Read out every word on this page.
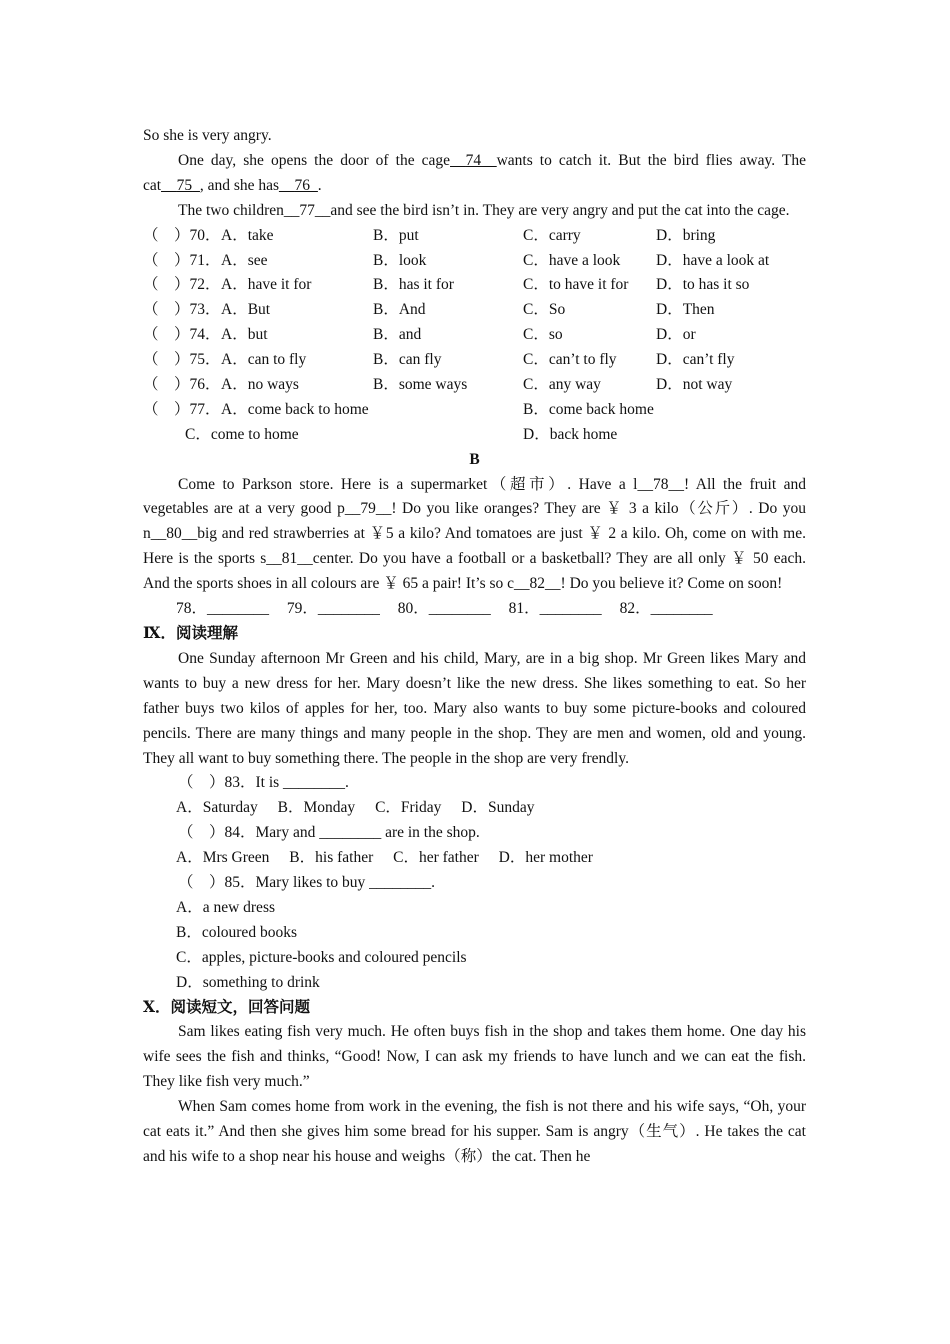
So she is very angry.

One day, she opens the door of the cage__74__wants to catch it. But the bird flies away. The cat__75_, and she has__76_.

The two children__77__and see the bird isn’t in. They are very angry and put the cat into the cage.

（　）70． A．take	B．put	C．carry	D．bring
（　）71． A．see	B．look	C．have a look D．have a look at
（　）72． A．have it for	B．has it for	C．to have it for D．to has it so
（　）73． A．But	B．And	C．So	D．Then
（　）74． A．but	B．and	C．so	D．or
（　）75． A．can to fly	B．can fly	C．can’t to fly	D．can’t fly
（　）76． A．no ways	B．some ways	C．any way	D．not way
（　）77． A．come back to home	B．come back home
C．come to home	D．back home

B

Come to Parkson store. Here is a supermarket（超市）. Have a l__78__! All the fruit and vegetables are at a very good p__79__! Do you like oranges? They are ￥ 3 a kilo（公斤）. Do you n__80__big and red strawberries at ￥5 a kilo? And tomatoes are just ￥ 2 a kilo. Oh, come on with me. Here is the sports s__81__center. Do you have a football or a basketball? They are all only ￥ 50 each. And the sports shoes in all colours are ￥ 65 a pair! It’s so c__82__! Do you believe it? Come on soon!

78．________ 79．________ 80．________ 81．________ 82．________

Ⅸ．阅读理解

One Sunday afternoon Mr Green and his child, Mary, are in a big shop. Mr Green likes Mary and wants to buy a new dress for her. Mary doesn’t like the new dress. She likes something to eat. So her father buys two kilos of apples for her, too. Mary also wants to buy some picture-books and coloured pencils. There are many things and many people in the shop. They are men and women, old and young. They all want to buy something there. The people in the shop are very frendly.

（　）83．It is ________.

A．Saturday B．Monday C．Friday D．Sunday

（　）84．Mary and ________ are in the shop.

A．Mrs Green B．his father C．her father D．her mother

（　）85．Mary likes to buy ________.

A．a new dress
B．coloured books
C．apples, picture-books and coloured pencils
D．something to drink

Ⅹ．阅读短文，回答问题

Sam likes eating fish very much. He often buys fish in the shop and takes them home. One day his wife sees the fish and thinks, “Good! Now, I can ask my friends to have lunch and we can eat the fish. They like fish very much.”

When Sam comes home from work in the evening, the fish is not there and his wife says, “Oh, your cat eats it.” And then she gives him some bread for his supper. Sam is angry（生气）. He takes the cat and his wife to a shop near his house and weighs（称）the cat. Then he
